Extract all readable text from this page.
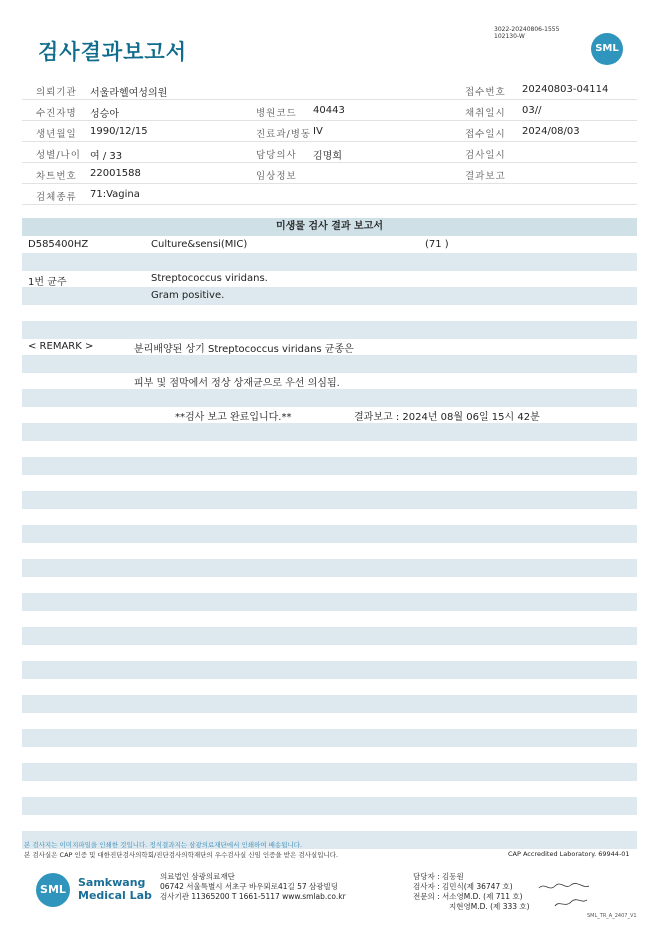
검사결과보고서
3022-20240806-1555
102130-W
SML
의뢰기관 서울라헬여성의원	접수번호 20240803-04114
수진자명 성승아	병원코드 40443	채취일시 03//
생년월일 1990/12/15	진료과/병동 IV	접수일시 2024/08/03
성별/나이 여 / 33	담당의사 김명희	검사일시
차트번호 22001588	임상정보	결과보고
검체종류 71:Vagina
미생물 검사 결과 보고서
D585400HZ	Culture&sensi(MIC)	(71 )
1번 균주	Streptococcus viridans.
Gram positive.
< REMARK >	분리배양된 상기 Streptococcus viridans 균종은
피부 및 점막에서 정상 상재균으로 우선 의심됨.
**검사 보고 완료입니다.**	결과보고 : 2024년 08월 06일 15시 42분
본 검사지는 이미지파일을 인쇄한 것입니다. 정식결과지는 삼광의료재단에서 인쇄하여 배송됩니다.
본 검사실은 CAP 인증 및 대한진단검사의학회/진단검사의학재단의 우수검사실 신임 인증을 받은 검사실입니다.	CAP Accredited Laboratory. 69944-01
SML
Samkwang
Medical Lab
의료법인 삼광의료재단
06742 서울특별시 서초구 바우뫼로41길 57 삼광빌딩
검사기관 11365200 T 1661-5117 www.smlab.co.kr
담당자 : 김동원
검사자 : 김민식(제 36747 호)
전문의 : 서소영M.D. (제 711 호)
지현영M.D. (제 333 호)
SML_TR_A_2407_V1
